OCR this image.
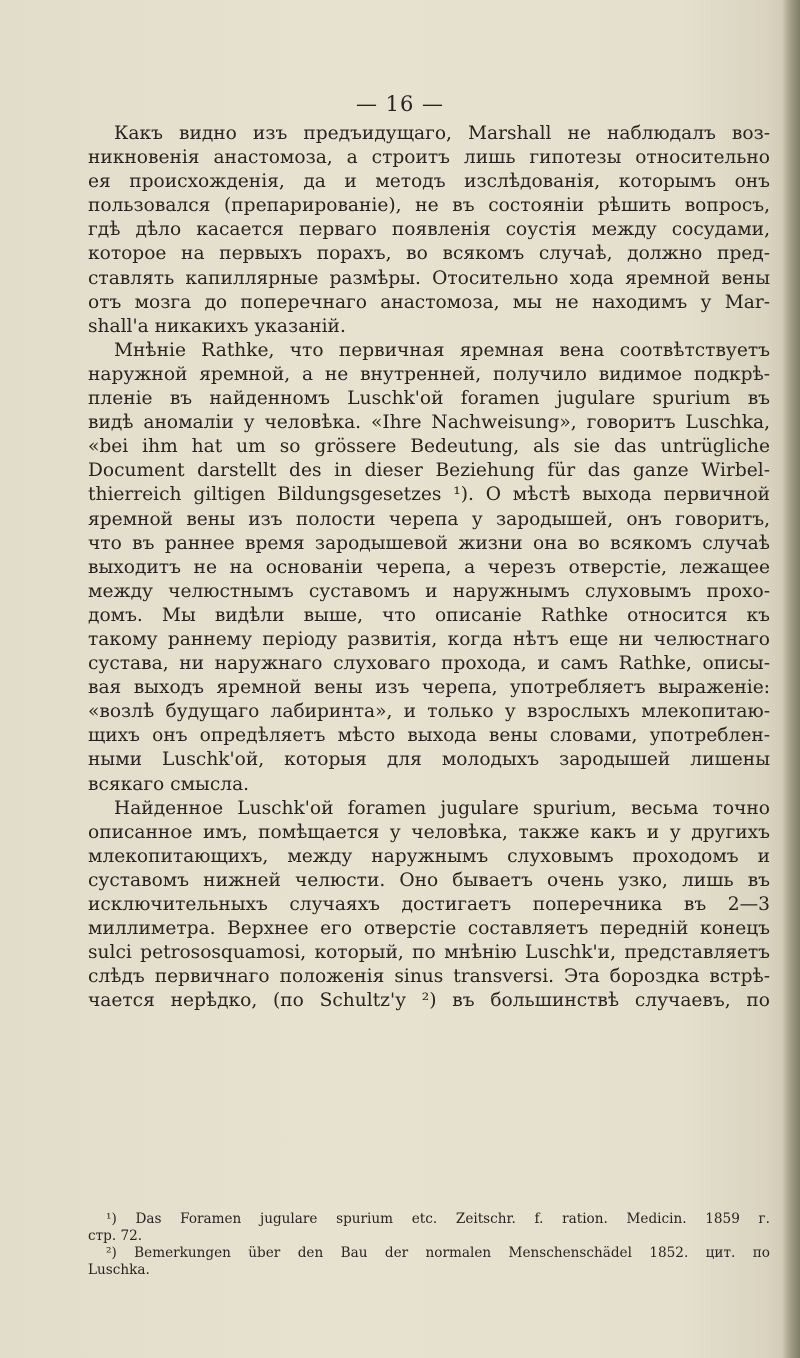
— 16 —
Какъ видно изъ предъидущаго, Marshall не наблюдалъ воз-
никновенія анастомоза, а строитъ лишь гипотезы относительно
ея происхожденія, да и методъ изслѣдованія, которымъ онъ
пользовался (препарированіе), не въ состояніи рѣшить вопросъ,
гдѣ дѣло касается перваго появленія соустія между сосудами,
которое на первыхъ порахъ, во всякомъ случаѣ, должно пред-
ставлять капиллярные размѣры. Отосительно хода яремной вены
отъ мозга до поперечнаго анастомоза, мы не находимъ у Mar-
shall'а никакихъ указаній.
Мнѣніе Rathke, что первичная яремная вена соотвѣтствуетъ
наружной яремной, а не внутренней, получило видимое подкрѣ-
пленіе въ найденномъ Luschk'ой foramen jugulare spurium въ
видѣ аномаліи у человѣка. «Ihre Nachweisung», говоритъ Luschka,
«bei ihm hat um so grössere Bedeutung, als sie das untrügliche
Document darstellt des in dieser Beziehung für das ganze Wirbel-
thierreich giltigen Bildungsgesetzes ¹). О мѣстѣ выхода первичной
яремной вены изъ полости черепа у зародышей, онъ говоритъ,
что въ раннее время зародышевой жизни она во всякомъ случаѣ
выходитъ не на основаніи черепа, а черезъ отверстіе, лежащее
между челюстнымъ суставомъ и наружнымъ слуховымъ прохо-
домъ. Мы видѣли выше, что описаніе Rathke относится къ
такому раннему періоду развитія, когда нѣтъ еще ни челюстнаго
сустава, ни наружнаго слуховаго прохода, и самъ Rathke, описы-
вая выходъ яремной вены изъ черепа, употребляетъ выраженіе:
«возлѣ будущаго лабиринта», и только у взрослыхъ млекопитаю-
щихъ онъ опредѣляетъ мѣсто выхода вены словами, употреблен-
ными Luschk'ой, которыя для молодыхъ зародышей лишены
всякаго смысла.
Найденное Luschk'ой foramen jugulare spurium, весьма точно
описанное имъ, помѣщается у человѣка, также какъ и у другихъ
млекопитающихъ, между наружнымъ слуховымъ проходомъ и
суставомъ нижней челюсти. Оно бываетъ очень узко, лишь въ
исключительныхъ случаяхъ достигаетъ поперечника въ 2—3
миллиметра. Верхнее его отверстіе составляетъ передній конецъ
sulci petrososquamosi, который, по мнѣнію Luschk'и, представляетъ
слѣдъ первичнаго положенія sinus transversi. Эта бороздка встрѣ-
чается нерѣдко, (по Schultz'у ²) въ большинствѣ случаевъ, по
¹) Das Foramen jugulare spurium etc. Zeitschr. f. ration. Medicin. 1859 г.
стр. 72.
²) Bemerkungen über den Bau der normalen Menschenschädel 1852. цит. по
Luschka.
